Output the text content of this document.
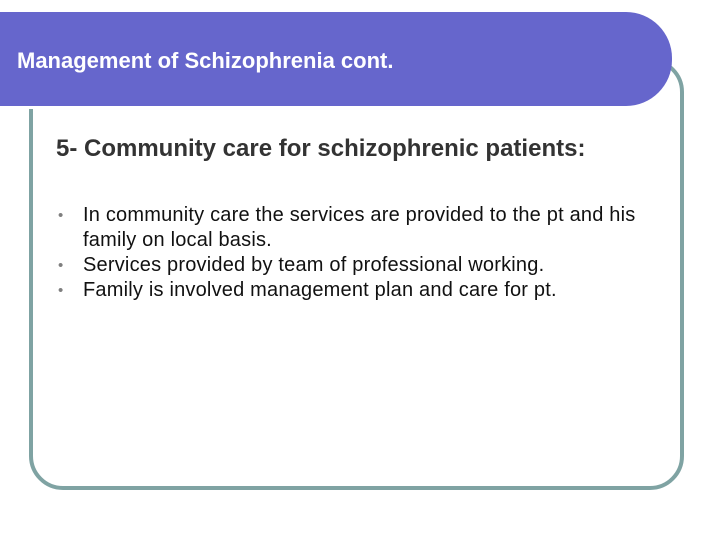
Management of Schizophrenia cont.
5- Community care for schizophrenic patients:
• In community care the services are provided to the pt and his family on local basis.
• Services provided by team of professional working.
• Family is involved management plan and care for pt.
